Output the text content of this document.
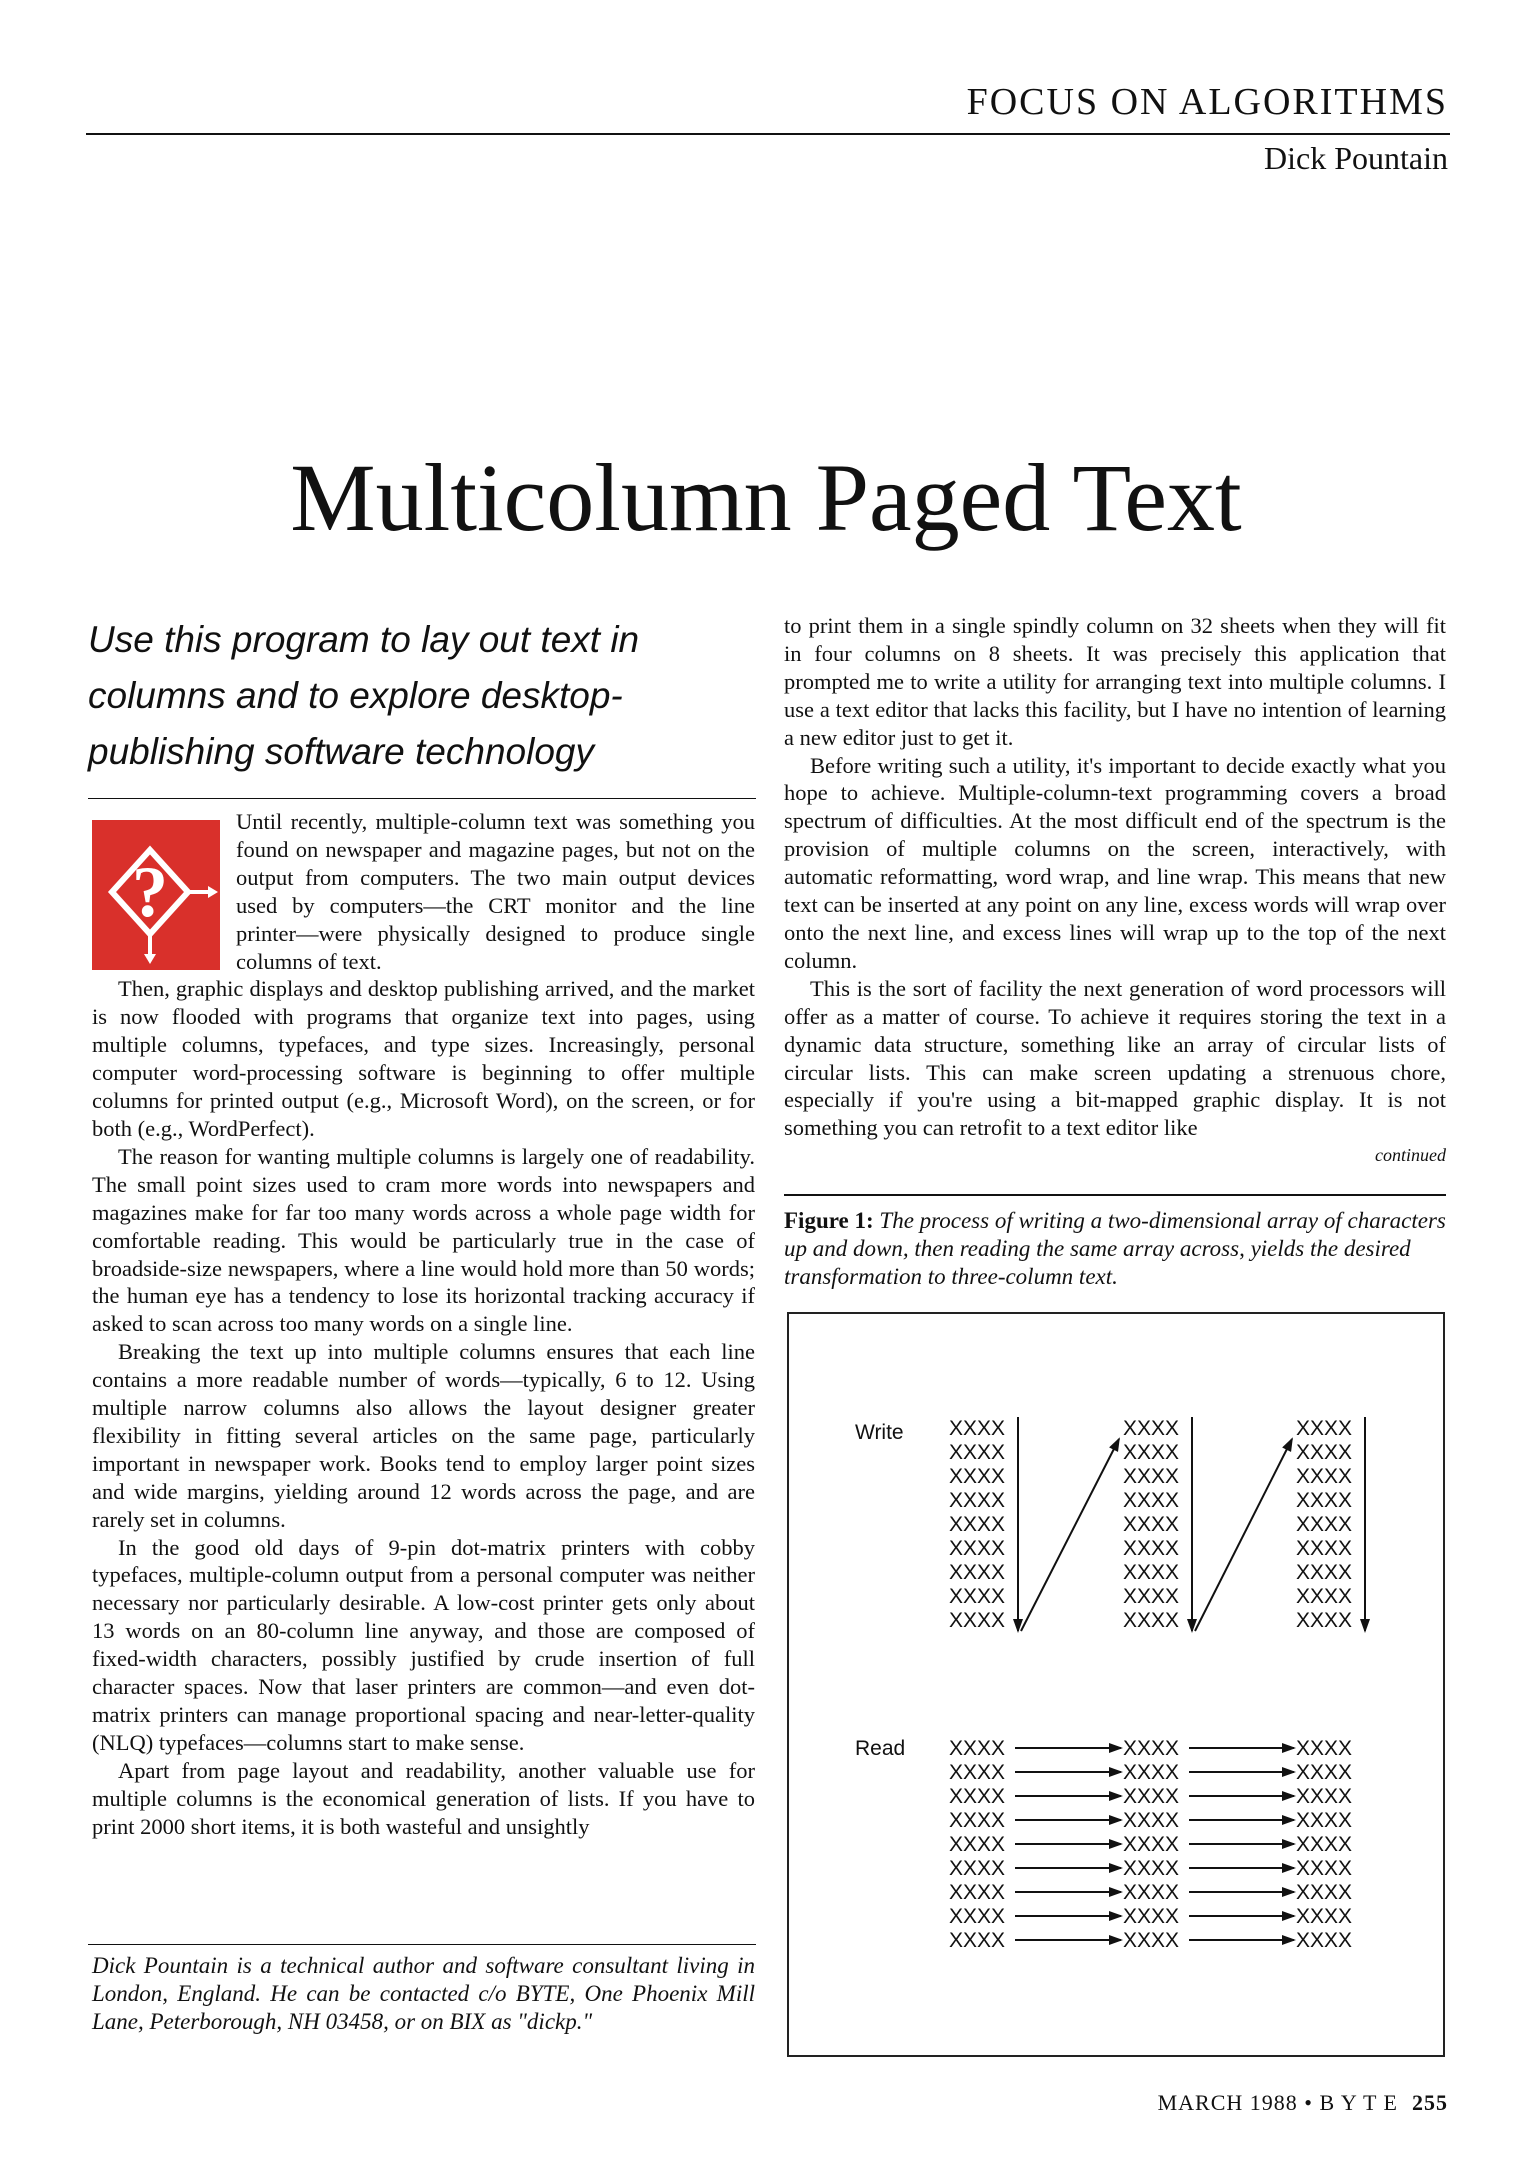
FOCUS ON ALGORITHMS
Dick Pountain
Multicolumn Paged Text
Use this program to lay out text in columns and to explore desktop-publishing software technology
?

Until recently, multiple-column text was something you found on newspaper and magazine pages, but not on the output from computers. The two main output devices used by computers—the CRT monitor and the line printer—were physically designed to produce single columns of text.

Then, graphic displays and desktop publishing arrived, and the market is now flooded with programs that organize text into pages, using multiple columns, typefaces, and type sizes. Increasingly, personal computer word-processing software is beginning to offer multiple columns for printed output (e.g., Microsoft Word), on the screen, or for both (e.g., WordPerfect).

The reason for wanting multiple columns is largely one of readability. The small point sizes used to cram more words into newspapers and magazines make for far too many words across a whole page width for comfortable reading. This would be particularly true in the case of broadside-size newspapers, where a line would hold more than 50 words; the human eye has a tendency to lose its horizontal tracking accuracy if asked to scan across too many words on a single line.

Breaking the text up into multiple columns ensures that each line contains a more readable number of words—typically, 6 to 12. Using multiple narrow columns also allows the layout designer greater flexibility in fitting several articles on the same page, particularly important in newspaper work. Books tend to employ larger point sizes and wide margins, yielding around 12 words across the page, and are rarely set in columns.

In the good old days of 9-pin dot-matrix printers with cobby typefaces, multiple-column output from a personal computer was neither necessary nor particularly desirable. A low-cost printer gets only about 13 words on an 80-column line anyway, and those are composed of fixed-width characters, possibly justified by crude insertion of full character spaces. Now that laser printers are common—and even dot-matrix printers can manage proportional spacing and near-letter-quality (NLQ) typefaces—columns start to make sense.

Apart from page layout and readability, another valuable use for multiple columns is the economical generation of lists. If you have to print 2000 short items, it is both wasteful and unsightly

to print them in a single spindly column on 32 sheets when they will fit in four columns on 8 sheets. It was precisely this application that prompted me to write a utility for arranging text into multiple columns. I use a text editor that lacks this facility, but I have no intention of learning a new editor just to get it.

Before writing such a utility, it's important to decide exactly what you hope to achieve. Multiple-column-text programming covers a broad spectrum of difficulties. At the most difficult end of the spectrum is the provision of multiple columns on the screen, interactively, with automatic reformatting, word wrap, and line wrap. This means that new text can be inserted at any point on any line, excess words will wrap over onto the next line, and excess lines will wrap up to the top of the next column.

This is the sort of facility the next generation of word processors will offer as a matter of course. To achieve it requires storing the text in a dynamic data structure, something like an array of circular lists of circular lists. This can make screen updating a strenuous chore, especially if you're using a bit-mapped graphic display. It is not something you can retrofit to a text editor like

continued
Figure 1: The process of writing a two-dimensional array of characters up and down, then reading the same array across, yields the desired transformation to three-column text.
Write
Read
XXXX
XXXX
XXXX
XXXX
XXXX
XXXX
XXXX
XXXX
XXXX
XXXX
XXXX
XXXX
XXXX
XXXX
XXXX
XXXX
XXXX
XXXX
XXXX
XXXX
XXXX
XXXX
XXXX
XXXX
XXXX
XXXX
XXXX
XXXX	XXXX	XXXX
XXXX	XXXX	XXXX
XXXX	XXXX	XXXX
XXXX	XXXX	XXXX
XXXX	XXXX	XXXX
XXXX	XXXX	XXXX
XXXX	XXXX	XXXX
XXXX	XXXX	XXXX
XXXX	XXXX	XXXX
Dick Pountain is a technical author and software consultant living in London, England. He can be contacted c/o BYTE, One Phoenix Mill Lane, Peterborough, NH 03458, or on BIX as "dickp."
MARCH 1988 • B Y T E 255
